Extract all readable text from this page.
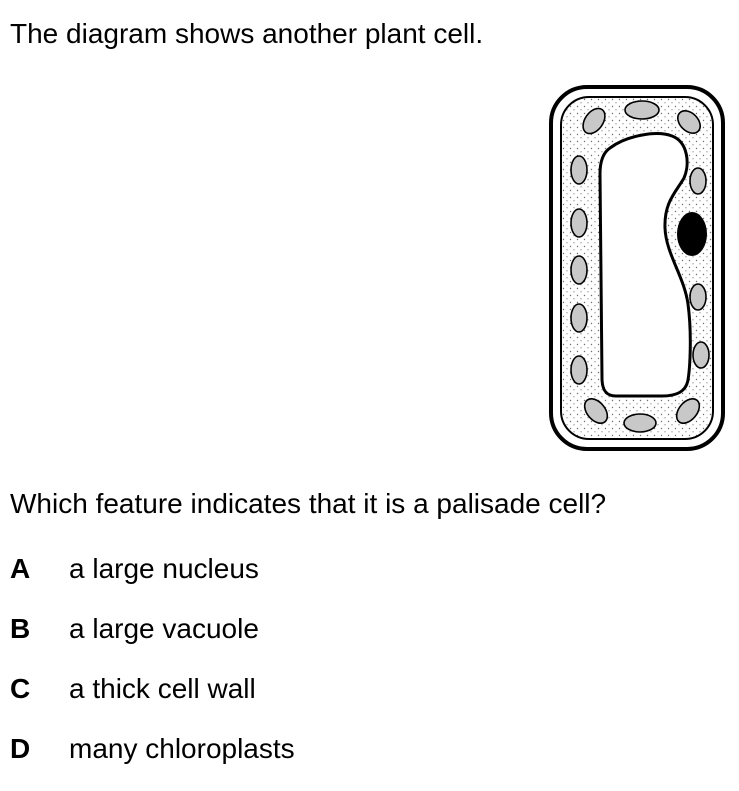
The diagram shows another plant cell.

Which feature indicates that it is a palisade cell?

A	a large nucleus
B	a large vacuole
C	a thick cell wall
D	many chloroplasts
